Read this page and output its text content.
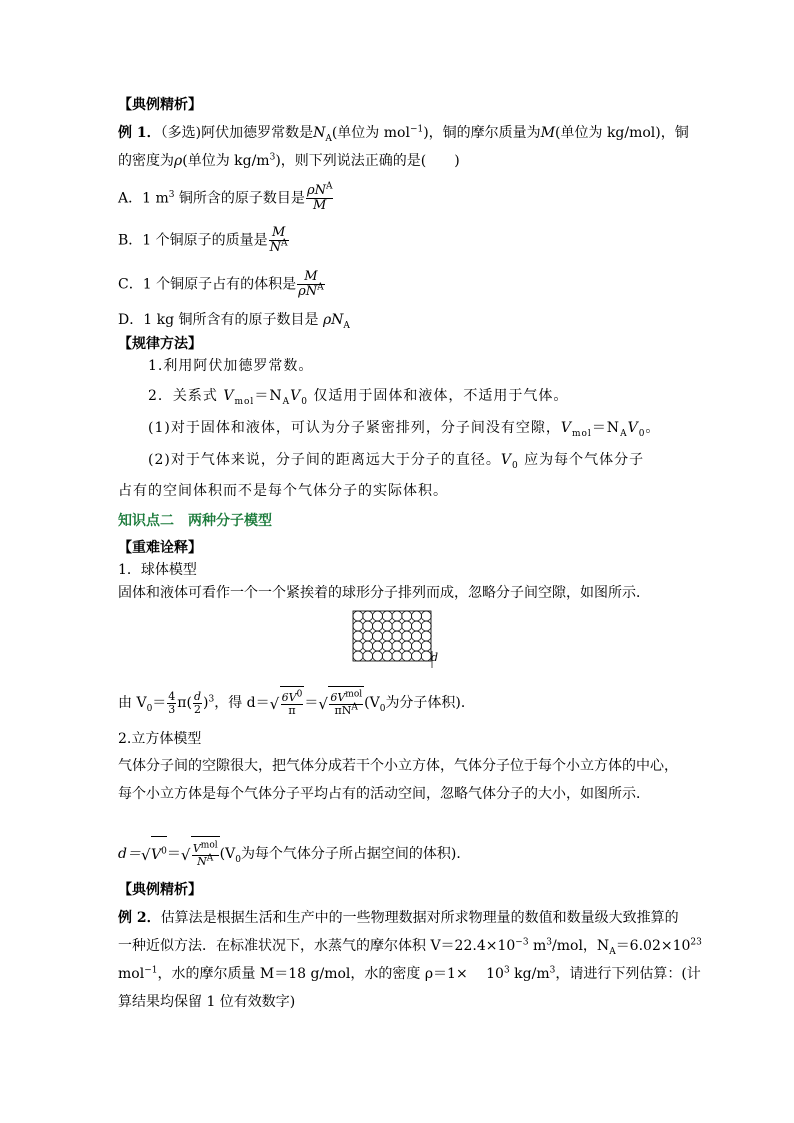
【典例精析】
例 1．（多选)阿伏加德罗常数是$N_A$(单位为 mol$^{-1}$)，铜的摩尔质量为M(单位为 kg/mol)，铜
的密度为ρ(单位为 $kg/m^3$)，则下列说法正确的是(　　)
A．1 $m^3$ 铜所含的原子数目是 $\frac{\rho N^A}{M}$
B．1 个铜原子的质量是 $\frac{M}{N^A}$
C．1 个铜原子占有的体积是 $\frac{M}{\rho N^A}$
D．1 kg 铜所含有的原子数目是 $\rho N_A$
【规律方法】
1.利用阿伏加德罗常数。
2．关系式 $V_{mol}=N_AV_0$ 仅适用于固体和液体，不适用于气体。
(1)对于固体和液体，可认为分子紧密排列，分子间没有空隙，$V_{mol}=N_AV_0$。
(2)对于气体来说，分子间的距离远大于分子的直径。$V_0$ 应为每个气体分子
占有的空间体积而不是每个气体分子的实际体积。
知识点二　两种分子模型
【重难诠释】
1．球体模型
固体和液体可看作一个一个紧挨着的球形分子排列而成，忽略分子间空隙，如图所示．
d
由 $V_0= \frac{4}{3} \pi( \frac{d}{2} )^3$，得 d＝ √ $\frac{6V^0}{\pi}$ ＝ √ $\frac{6V^{mol}}{\pi N^A} (V_0$为分子体积)．
2.立方体模型
气体分子间的空隙很大，把气体分成若干个小立方体，气体分子位于每个小立方体的中心，
每个小立方体是每个气体分子平均占有的活动空间，忽略气体分子的大小，如图所示．
d＝ √ $V^0=$ √ $\frac{V^{mol}}{N^A} (V_0$为每个气体分子所占据空间的体积)．
【典例精析】
例 2．估算法是根据生活和生产中的一些物理数据对所求物理量的数值和数量级大致推算的
一种近似方法．在标准状况下，水蒸气的摩尔体积 $V=22.4\times 10^{-3}$ $m^3$/mol，$N_A=6.02\times 10^{23}$
mol$^{-1}$，水的摩尔质量 M＝18 g/mol，水的密度 ρ＝1×　 $10^3$ $kg/m^3$，请进行下列估算：(计
算结果均保留 1 位有效数字)
